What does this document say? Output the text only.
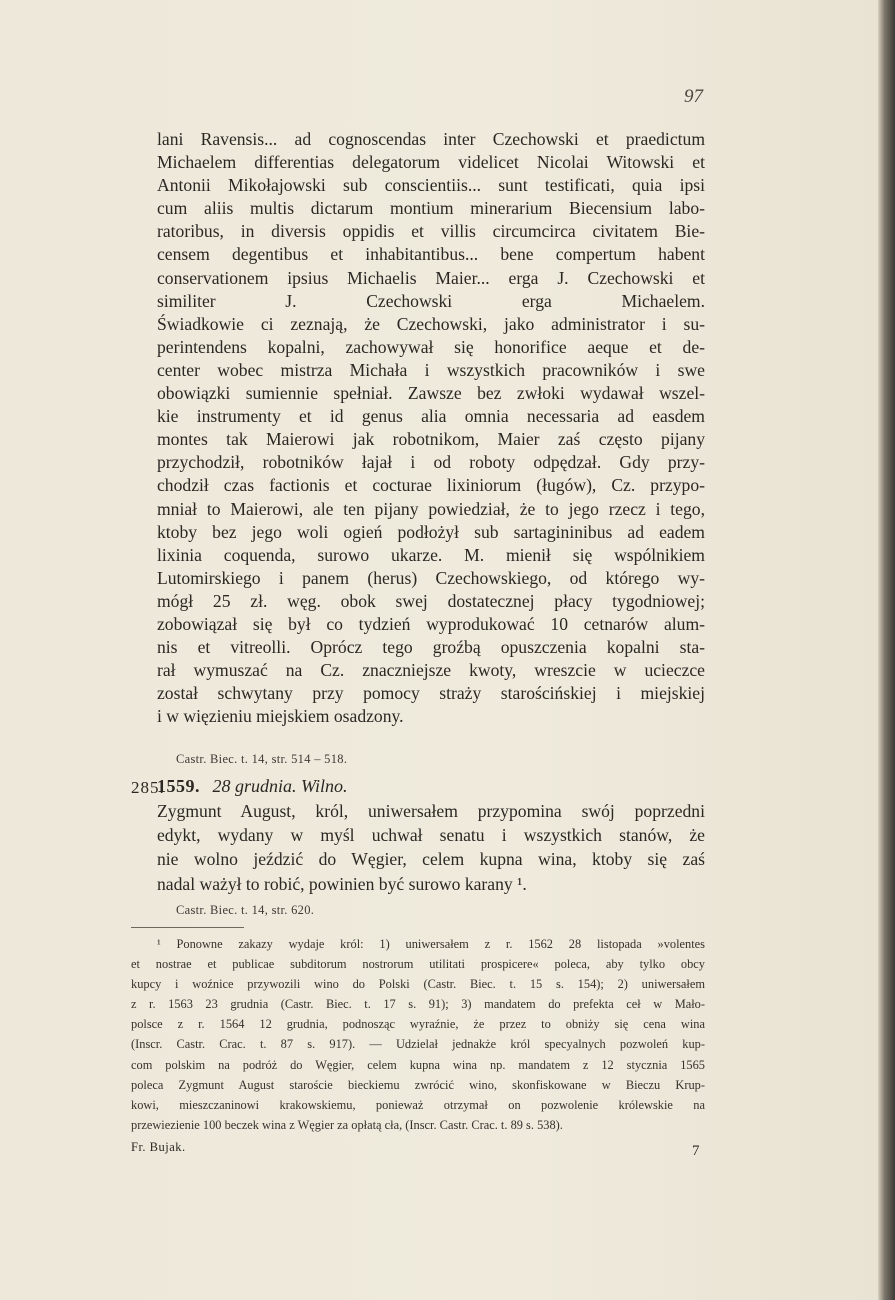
97
lani Ravensis... ad cognoscendas inter Czechowski et praedictum
Michaelem differentias delegatorum videlicet Nicolai Witowski et
Antonii Mikołajowski sub conscientiis... sunt testificati, quia ipsi
cum aliis multis dictarum montium minerarium Biecensium labo-
ratoribus, in diversis oppidis et villis circumcirca civitatem Bie-
censem degentibus et inhabitantibus... bene compertum habent
conservationem ipsius Michaelis Maier... erga J. Czechowski et
similiter J. Czechowski erga Michaelem.
Świadkowie ci zeznają, że Czechowski, jako administrator i su-
perintendens kopalni, zachowywał się honorifice aeque et de-
center wobec mistrza Michała i wszystkich pracowników i swe
obowiązki sumiennie spełniał. Zawsze bez zwłoki wydawał wszel-
kie instrumenty et id genus alia omnia necessaria ad easdem
montes tak Maierowi jak robotnikom, Maier zaś często pijany
przychodził, robotników łajał i od roboty odpędzał. Gdy przy-
chodził czas factionis et cocturae lixiniorum (ługów), Cz. przypo-
mniał to Maierowi, ale ten pijany powiedział, że to jego rzecz i tego,
ktoby bez jego woli ogień podłożył sub sartagininibus ad eadem
lixinia coquenda, surowo ukarze. M. mienił się wspólnikiem
Lutomirskiego i panem (herus) Czechowskiego, od którego wy-
mógł 25 zł. węg. obok swej dostatecznej płacy tygodniowej;
zobowiązał się był co tydzień wyprodukować 10 cetnarów alum-
nis et vitreolli. Oprócz tego groźbą opuszczenia kopalni sta-
rał wymuszać na Cz. znaczniejsze kwoty, wreszcie w ucieczce
został schwytany przy pomocy straży starościńskiej i miejskiej
i w więzieniu miejskiem osadzony.
Castr. Biec. t. 14, str. 514 – 518.
285.
1559. 28 grudnia. Wilno.
Zygmunt August, król, uniwersałem przypomina swój poprzedni
edykt, wydany w myśl uchwał senatu i wszystkich stanów, że
nie wolno jeździć do Węgier, celem kupna wina, ktoby się zaś
nadal ważył to robić, powinien być surowo karany ¹.
Castr. Biec. t. 14, str. 620.
¹ Ponowne zakazy wydaje król: 1) uniwersałem z r. 1562 28 listopada »volentes
et nostrae et publicae subditorum nostrorum utilitati prospicere« poleca, aby tylko obcy
kupcy i woźnice przywozili wino do Polski (Castr. Biec. t. 15 s. 154); 2) uniwersałem
z r. 1563 23 grudnia (Castr. Biec. t. 17 s. 91); 3) mandatem do prefekta ceł w Mało-
polsce z r. 1564 12 grudnia, podnosząc wyraźnie, że przez to obniży się cena wina
(Inscr. Castr. Crac. t. 87 s. 917). — Udzielał jednakże król specyalnych pozwoleń kup-
com polskim na podróż do Węgier, celem kupna wina np. mandatem z 12 stycznia 1565
poleca Zygmunt August staroście bieckiemu zwrócić wino, skonfiskowane w Bieczu Krup-
kowi, mieszczaninowi krakowskiemu, ponieważ otrzymał on pozwolenie królewskie na
przewiezienie 100 beczek wina z Węgier za opłatą cła, (Inscr. Castr. Crac. t. 89 s. 538).
Fr. Bujak.	7
